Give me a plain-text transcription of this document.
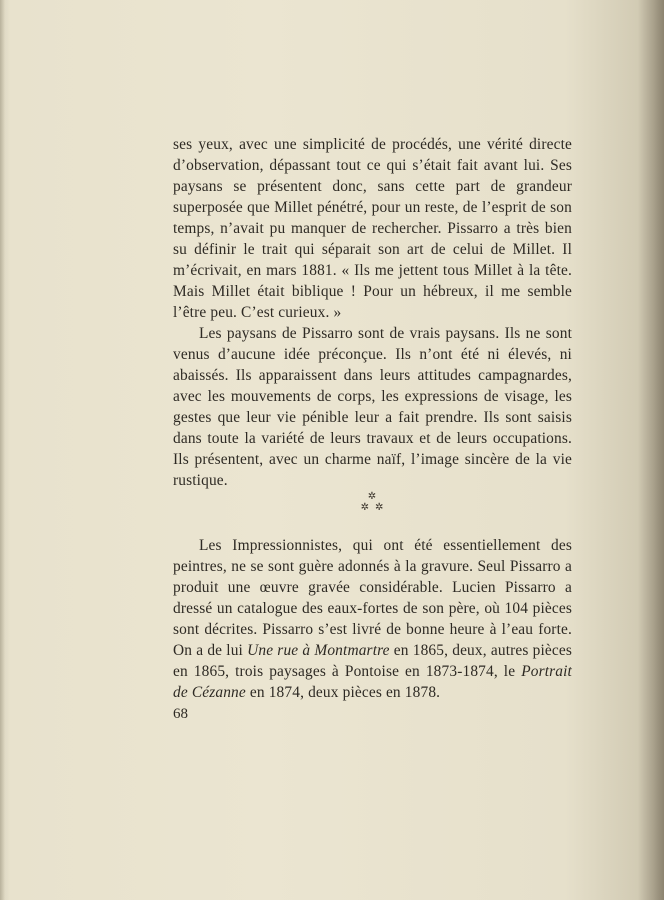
ses yeux, avec une simplicité de procédés, une vérité directe d’observation, dépassant tout ce qui s’était fait avant lui. Ses paysans se présentent donc, sans cette part de grandeur superposée que Millet pénétré, pour un reste, de l’esprit de son temps, n’avait pu manquer de rechercher. Pissarro a très bien su définir le trait qui séparait son art de celui de Millet. Il m’écrivait, en mars 1881. « Ils me jettent tous Millet à la tête. Mais Millet était biblique ! Pour un hébreux, il me semble l’être peu. C’est curieux. »

Les paysans de Pissarro sont de vrais paysans. Ils ne sont venus d’aucune idée préconçue. Ils n’ont été ni élevés, ni abaissés. Ils apparaissent dans leurs attitudes campagnardes, avec les mouvements de corps, les expressions de visage, les gestes que leur vie pénible leur a fait prendre. Ils sont saisis dans toute la variété de leurs travaux et de leurs occupations. Ils présentent, avec un charme naïf, l’image sincère de la vie rustique.

✲
✲✲

Les Impressionnistes, qui ont été essentiellement des peintres, ne se sont guère adonnés à la gravure. Seul Pissarro a produit une œuvre gravée considérable. Lucien Pissarro a dressé un catalogue des eaux-fortes de son père, où 104 pièces sont décrites. Pissarro s’est livré de bonne heure à l’eau forte. On a de lui Une rue à Montmartre en 1865, deux, autres pièces en 1865, trois paysages à Pontoise en 1873-1874, le Portrait de Cézanne en 1874, deux pièces en 1878.

68
